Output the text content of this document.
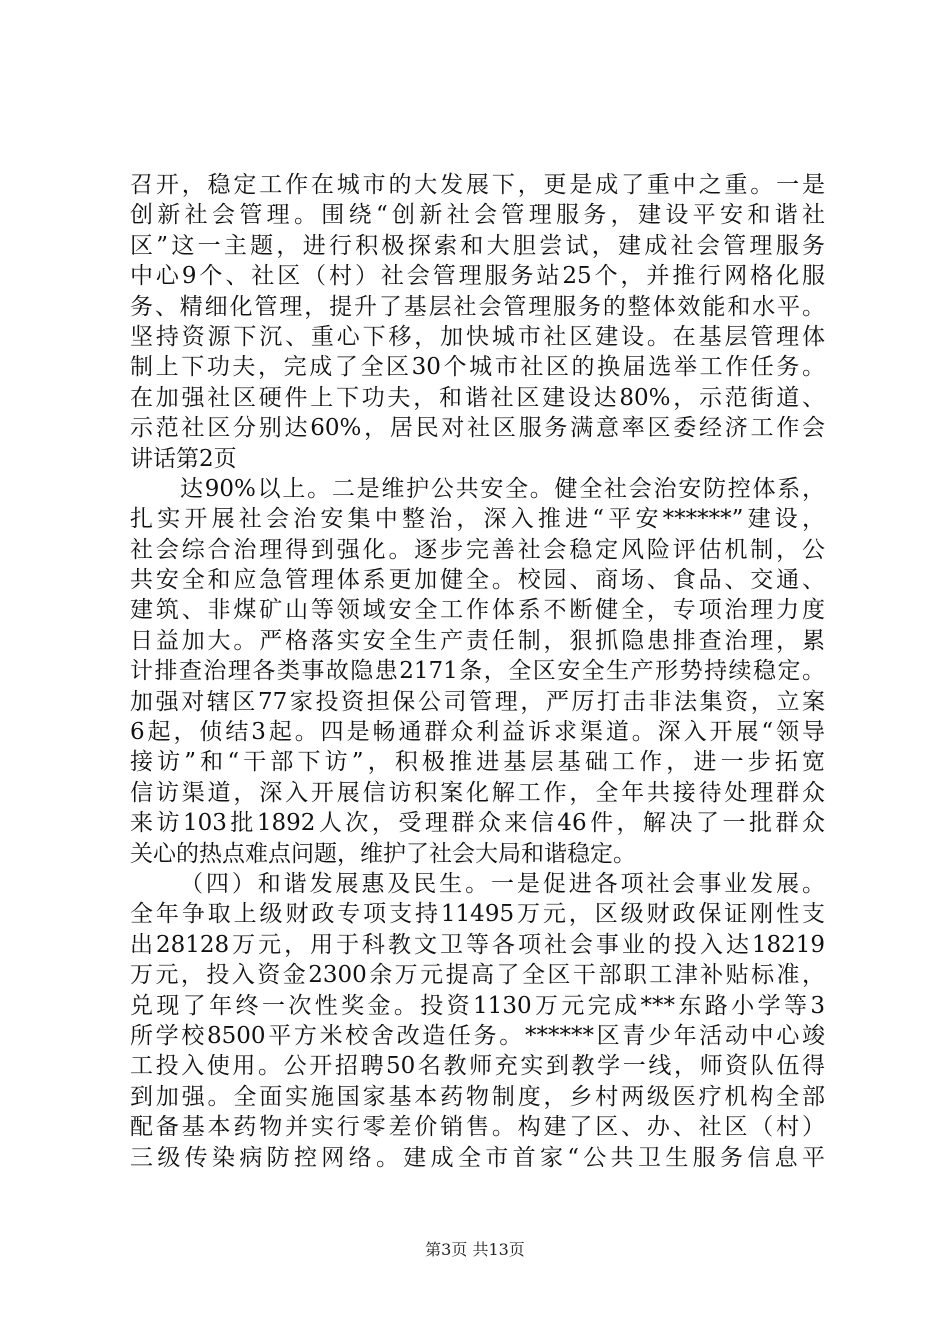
召开，稳定工作在城市的大发展下，更是成了重中之重。一是
创新社会管理。围绕“创新社会管理服务，建设平安和谐社
区”这一主题，进行积极探索和大胆尝试，建成社会管理服务
中心9个、社区（村）社会管理服务站25个，并推行网格化服
务、精细化管理，提升了基层社会管理服务的整体效能和水平。
坚持资源下沉、重心下移，加快城市社区建设。在基层管理体
制上下功夫，完成了全区30个城市社区的换届选举工作任务。
在加强社区硬件上下功夫，和谐社区建设达80%，示范街道、
示范社区分别达60%，居民对社区服务满意率区委经济工作会
讲话第2页
达90%以上。二是维护公共安全。健全社会治安防控体系，
扎实开展社会治安集中整治，深入推进“平安******”建设，
社会综合治理得到强化。逐步完善社会稳定风险评估机制，公
共安全和应急管理体系更加健全。校园、商场、食品、交通、
建筑、非煤矿山等领域安全工作体系不断健全，专项治理力度
日益加大。严格落实安全生产责任制，狠抓隐患排查治理，累
计排查治理各类事故隐患2171条，全区安全生产形势持续稳定。
加强对辖区77家投资担保公司管理，严厉打击非法集资，立案
6起，侦结3起。四是畅通群众利益诉求渠道。深入开展“领导
接访”和“干部下访”，积极推进基层基础工作，进一步拓宽
信访渠道，深入开展信访积案化解工作，全年共接待处理群众
来访103批1892人次，受理群众来信46件，解决了一批群众
关心的热点难点问题，维护了社会大局和谐稳定。
（四）和谐发展惠及民生。一是促进各项社会事业发展。
全年争取上级财政专项支持11495万元，区级财政保证刚性支
出28128万元，用于科教文卫等各项社会事业的投入达18219
万元，投入资金2300余万元提高了全区干部职工津补贴标准，
兑现了年终一次性奖金。投资1130万元完成***东路小学等3
所学校8500平方米校舍改造任务。******区青少年活动中心竣
工投入使用。公开招聘50名教师充实到教学一线，师资队伍得
到加强。全面实施国家基本药物制度，乡村两级医疗机构全部
配备基本药物并实行零差价销售。构建了区、办、社区（村）
三级传染病防控网络。建成全市首家“公共卫生服务信息平
第3页 共13页
